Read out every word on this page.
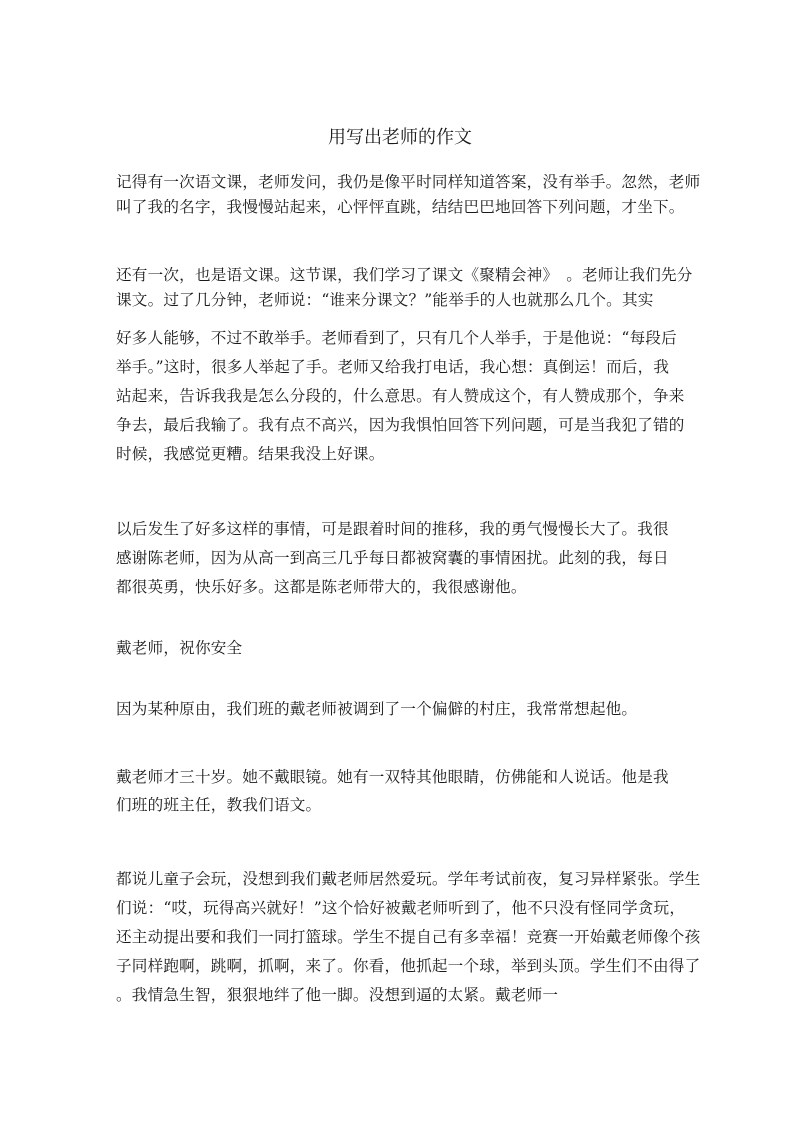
用写出老师的作文
记得有一次语文课，老师发问，我仍是像平时同样知道答案，没有举手。忽然，老师
叫了我的名字，我慢慢站起来，心怦怦直跳，结结巴巴地回答下列问题，才坐下。
还有一次，也是语文课。这节课，我们学习了课文《聚精会神》　。老师让我们先分
课文。过了几分钟，老师说：“谁来分课文？”能举手的人也就那么几个。其实
好多人能够，不过不敢举手。老师看到了，只有几个人举手，于是他说：“每段后
举手。”这时，很多人举起了手。老师又给我打电话，我心想：真倒运！而后，我
站起来，告诉我我是怎么分段的，什么意思。有人赞成这个，有人赞成那个，争来
争去，最后我输了。我有点不高兴，因为我惧怕回答下列问题，可是当我犯了错的
时候，我感觉更糟。结果我没上好课。
以后发生了好多这样的事情，可是跟着时间的推移，我的勇气慢慢长大了。我很
感谢陈老师，因为从高一到高三几乎每日都被窝囊的事情困扰。此刻的我，每日
都很英勇，快乐好多。这都是陈老师带大的，我很感谢他。
戴老师，祝你安全
因为某种原由，我们班的戴老师被调到了一个偏僻的村庄，我常常想起他。
戴老师才三十岁。她不戴眼镜。她有一双特其他眼睛，仿佛能和人说话。他是我
们班的班主任，教我们语文。
都说儿童子会玩，没想到我们戴老师居然爱玩。学年考试前夜，复习异样紧张。学生
们说：“哎，玩得高兴就好！”这个恰好被戴老师听到了，他不只没有怪同学贪玩，
还主动提出要和我们一同打篮球。学生不提自己有多幸福！竞赛一开始戴老师像个孩
子同样跑啊，跳啊，抓啊，来了。你看，他抓起一个球，举到头顶。学生们不由得了
。我情急生智，狠狠地绊了他一脚。没想到逼的太紧。戴老师一
